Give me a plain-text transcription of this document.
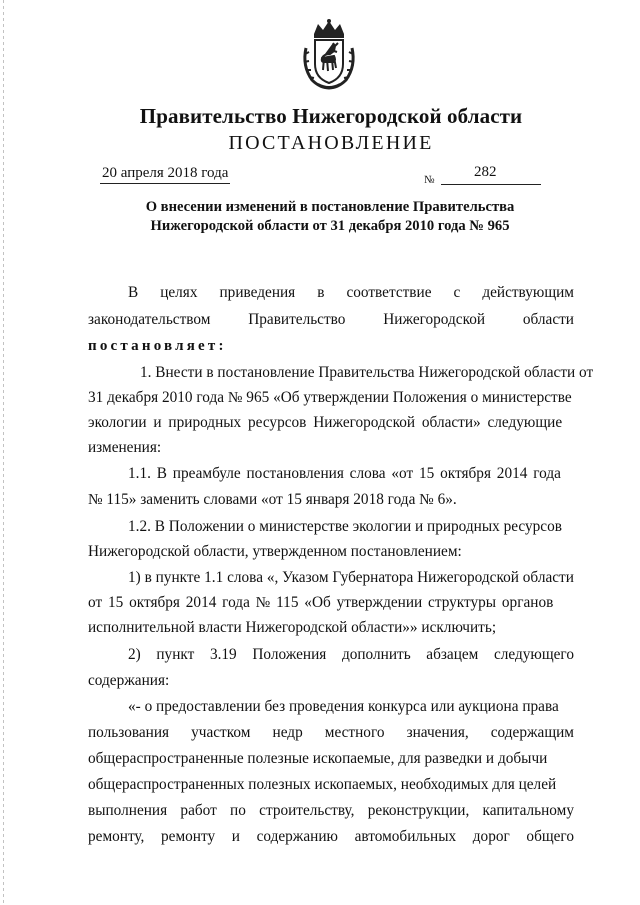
Правительство Нижегородской области
ПОСТАНОВЛЕНИЕ
20 апреля 2018 года	№	282
О внесении изменений в постановление Правительства
Нижегородской области от 31 декабря 2010 года № 965
В целях приведения в соответствие с действующим
законодательством Правительство Нижегородской области
постановляет:
1. Внести в постановление Правительства Нижегородской области от
31 декабря 2010 года № 965 «Об утверждении Положения о министерстве
экологии и природных ресурсов Нижегородской области» следующие
изменения:
1.1. В преамбуле постановления слова «от 15 октября 2014 года
№ 115» заменить словами «от 15 января 2018 года № 6».
1.2. В Положении о министерстве экологии и природных ресурсов
Нижегородской области, утвержденном постановлением:
1) в пункте 1.1 слова «, Указом Губернатора Нижегородской области
от 15 октября 2014 года № 115 «Об утверждении структуры органов
исполнительной власти Нижегородской области»» исключить;
2) пункт 3.19 Положения дополнить абзацем следующего
содержания:
«- о предоставлении без проведения конкурса или аукциона права
пользования участком недр местного значения, содержащим
общераспространенные полезные ископаемые, для разведки и добычи
общераспространенных полезных ископаемых, необходимых для целей
выполнения работ по строительству, реконструкции, капитальному
ремонту, ремонту и содержанию автомобильных дорог общего
